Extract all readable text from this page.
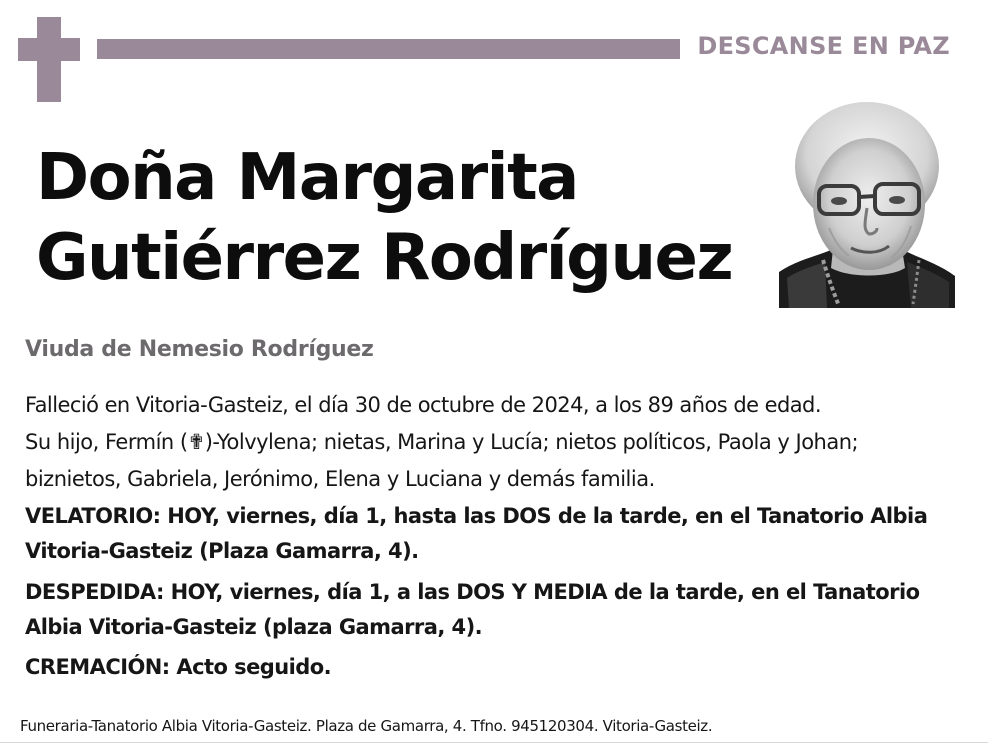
DESCANSE EN PAZ
Doña Margarita
Gutiérrez Rodríguez
Viuda de Nemesio Rodríguez

Falleció en Vitoria-Gasteiz, el día 30 de octubre de 2024, a los 89 años de edad.

Su hijo, Fermín (✟)-Yolvylena; nietas, Marina y Lucía; nietos políticos, Paola y Johan; biznietos, Gabriela, Jerónimo, Elena y Luciana y demás familia.

VELATORIO: HOY, viernes, día 1, hasta las DOS de la tarde, en el Tanatorio Albia Vitoria-Gasteiz (Plaza Gamarra, 4).

DESPEDIDA: HOY, viernes, día 1, a las DOS Y MEDIA de la tarde, en el Tanatorio Albia Vitoria-Gasteiz (plaza Gamarra, 4).

CREMACIÓN: Acto seguido.

Funeraria-Tanatorio Albia Vitoria-Gasteiz. Plaza de Gamarra, 4. Tfno. 945120304. Vitoria-Gasteiz.
